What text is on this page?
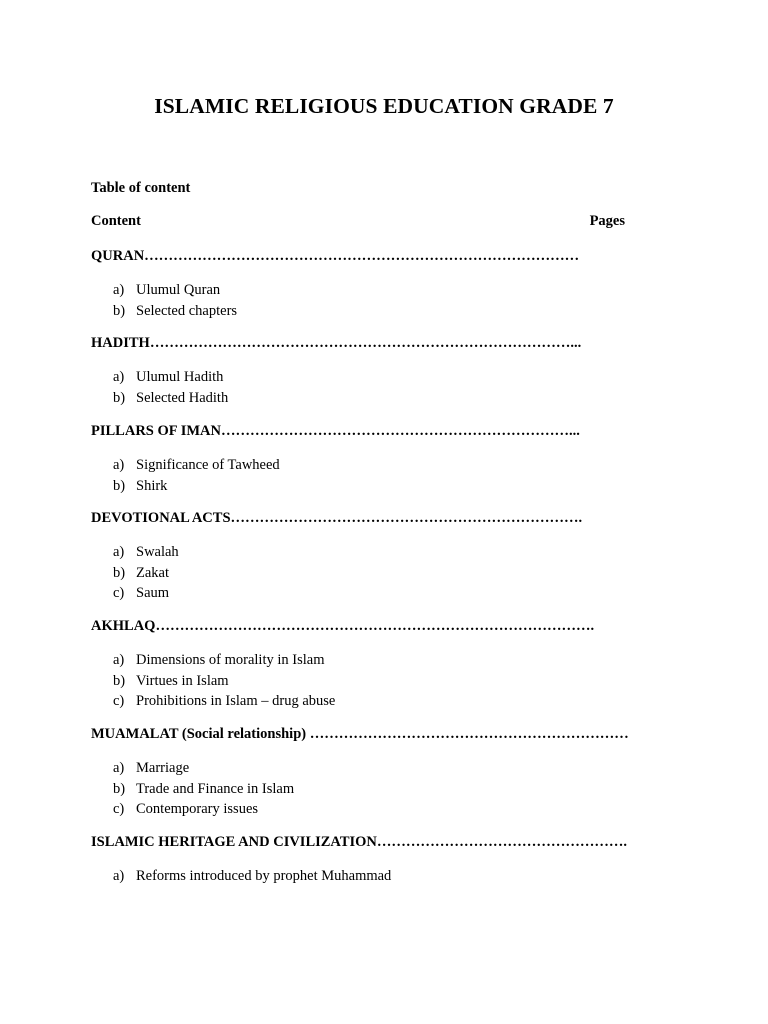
ISLAMIC RELIGIOUS EDUCATION GRADE 7
Table of content
Content	Pages
QURAN………………………………………………………………………………
a) Ulumul Quran
b) Selected chapters
HADITH……………………………………………………………………………...
a) Ulumul Hadith
b) Selected Hadith
PILLARS OF IMAN………………………………………………………………...
a) Significance of Tawheed
b) Shirk
DEVOTIONAL ACTS……………………………………………………………….
a) Swalah
b) Zakat
c) Saum
AKHLAQ……………………………………………………………………………….
a) Dimensions of morality in Islam
b) Virtues in Islam
c) Prohibitions in Islam – drug abuse
MUAMALAT (Social relationship) …………………………………………………………
a) Marriage
b) Trade and Finance in Islam
c) Contemporary issues
ISLAMIC HERITAGE AND CIVILIZATION…………………………………………….
a) Reforms introduced by prophet Muhammad
